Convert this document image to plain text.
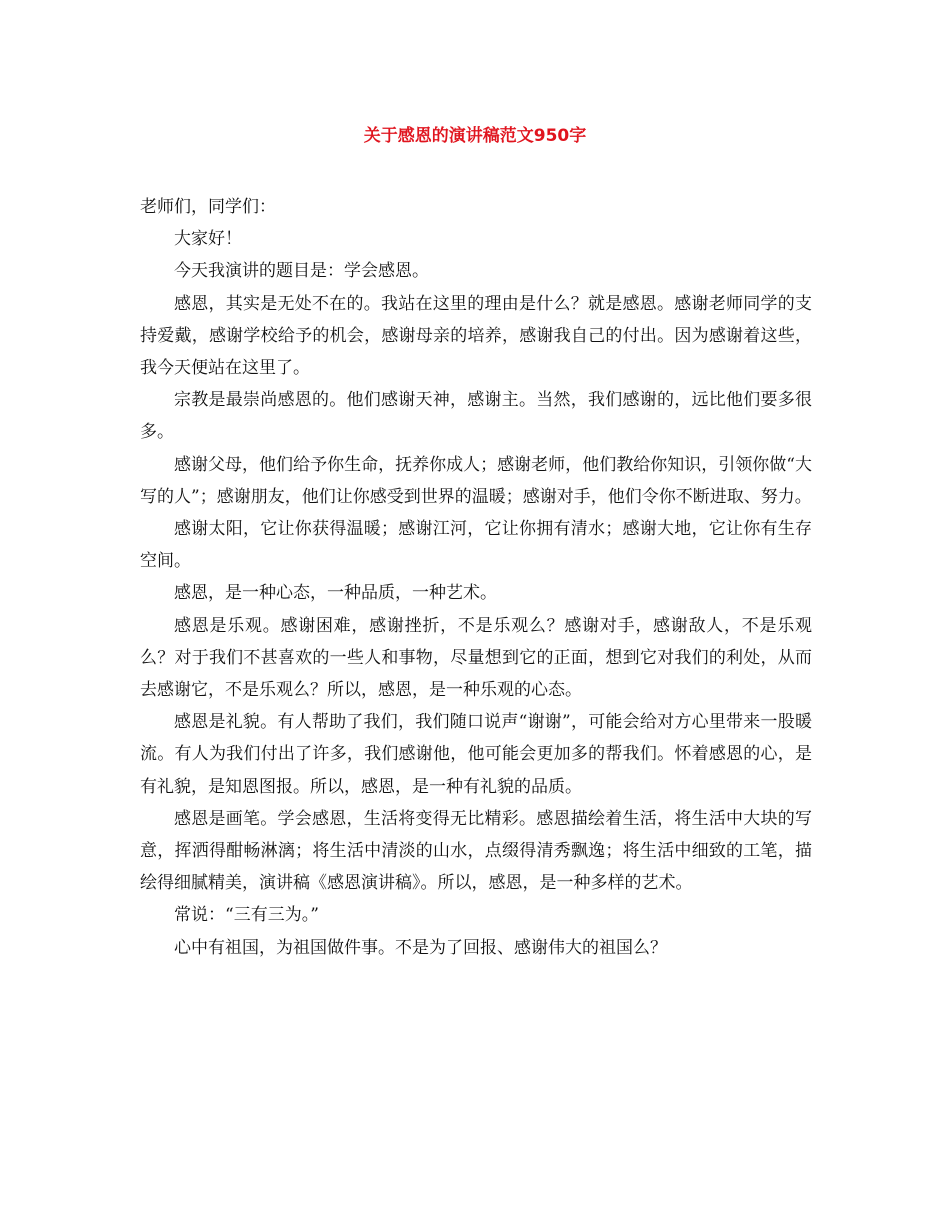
关于感恩的演讲稿范文950字

老师们，同学们：

大家好！

今天我演讲的题目是：学会感恩。

感恩，其实是无处不在的。我站在这里的理由是什么？就是感恩。感谢老师同学的支持爱戴，感谢学校给予的机会，感谢母亲的培养，感谢我自己的付出。因为感谢着这些，我今天便站在这里了。

宗教是最崇尚感恩的。他们感谢天神，感谢主。当然，我们感谢的，远比他们要多很多。

感谢父母，他们给予你生命，抚养你成人；感谢老师，他们教给你知识，引领你做“大写的人”；感谢朋友，他们让你感受到世界的温暖；感谢对手，他们令你不断进取、努力。

感谢太阳，它让你获得温暖；感谢江河，它让你拥有清水；感谢大地，它让你有生存空间。

感恩，是一种心态，一种品质，一种艺术。

感恩是乐观。感谢困难，感谢挫折，不是乐观么？感谢对手，感谢敌人，不是乐观么？对于我们不甚喜欢的一些人和事物，尽量想到它的正面，想到它对我们的利处，从而去感谢它，不是乐观么？所以，感恩，是一种乐观的心态。

感恩是礼貌。有人帮助了我们，我们随口说声“谢谢”，可能会给对方心里带来一股暖流。有人为我们付出了许多，我们感谢他，他可能会更加多的帮我们。怀着感恩的心，是有礼貌，是知恩图报。所以，感恩，是一种有礼貌的品质。

感恩是画笔。学会感恩，生活将变得无比精彩。感恩描绘着生活，将生活中大块的写意，挥洒得酣畅淋漓；将生活中清淡的山水，点缀得清秀飘逸；将生活中细致的工笔，描绘得细腻精美，演讲稿《感恩演讲稿》。所以，感恩，是一种多样的艺术。

常说：“三有三为。”

心中有祖国，为祖国做件事。不是为了回报、感谢伟大的祖国么？
